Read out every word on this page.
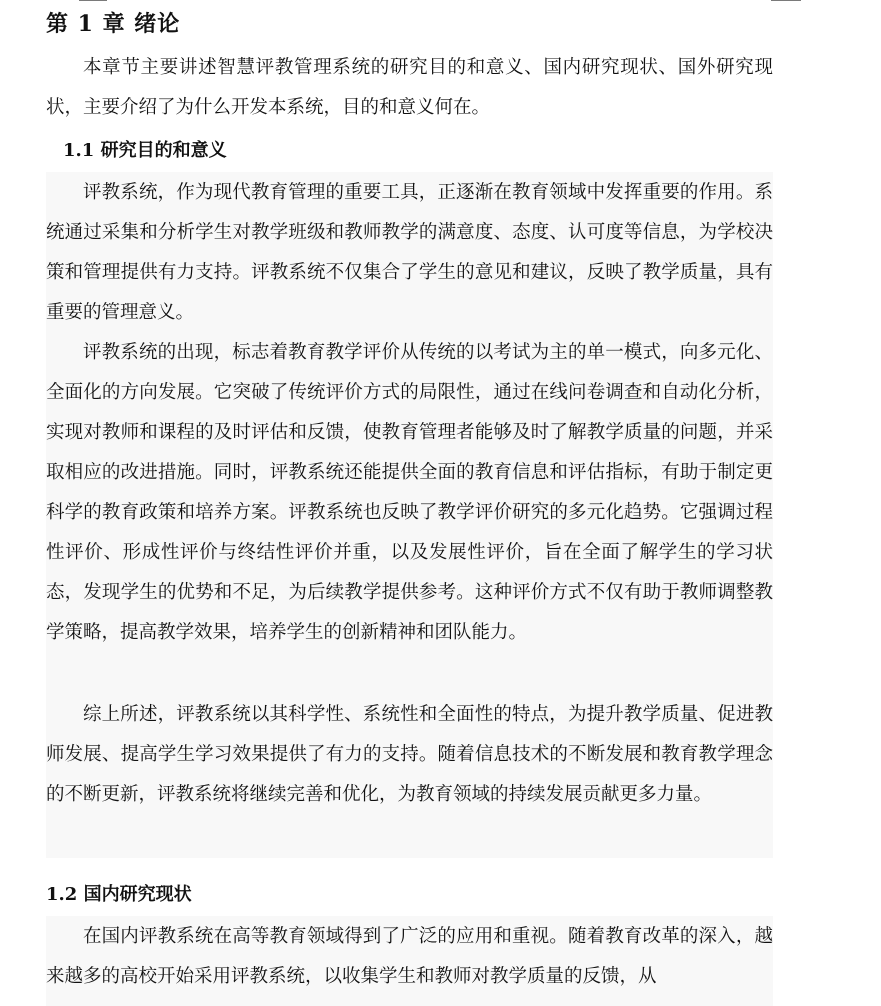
第 1 章 绪论

本章节主要讲述智慧评教管理系统的研究目的和意义、国内研究现状、国外研究现状，主要介绍了为什么开发本系统，目的和意义何在。

1.1 研究目的和意义

评教系统，作为现代教育管理的重要工具，正逐渐在教育领域中发挥重要的作用。系统通过采集和分析学生对教学班级和教师教学的满意度、态度、认可度等信息，为学校决策和管理提供有力支持。评教系统不仅集合了学生的意见和建议，反映了教学质量，具有重要的管理意义。

评教系统的出现，标志着教育教学评价从传统的以考试为主的单一模式，向多元化、全面化的方向发展。它突破了传统评价方式的局限性，通过在线问卷调查和自动化分析，实现对教师和课程的及时评估和反馈，使教育管理者能够及时了解教学质量的问题，并采取相应的改进措施。同时，评教系统还能提供全面的教育信息和评估指标，有助于制定更科学的教育政策和培养方案。评教系统也反映了教学评价研究的多元化趋势。它强调过程性评价、形成性评价与终结性评价并重，以及发展性评价，旨在全面了解学生的学习状态，发现学生的优势和不足，为后续教学提供参考。这种评价方式不仅有助于教师调整教学策略，提高教学效果，培养学生的创新精神和团队能力。

综上所述，评教系统以其科学性、系统性和全面性的特点，为提升教学质量、促进教师发展、提高学生学习效果提供了有力的支持。随着信息技术的不断发展和教育教学理念的不断更新，评教系统将继续完善和优化，为教育领域的持续发展贡献更多力量。

1.2 国内研究现状

在国内评教系统在高等教育领域得到了广泛的应用和重视。随着教育改革的深入，越来越多的高校开始采用评教系统，以收集学生和教师对教学质量的反馈，从
